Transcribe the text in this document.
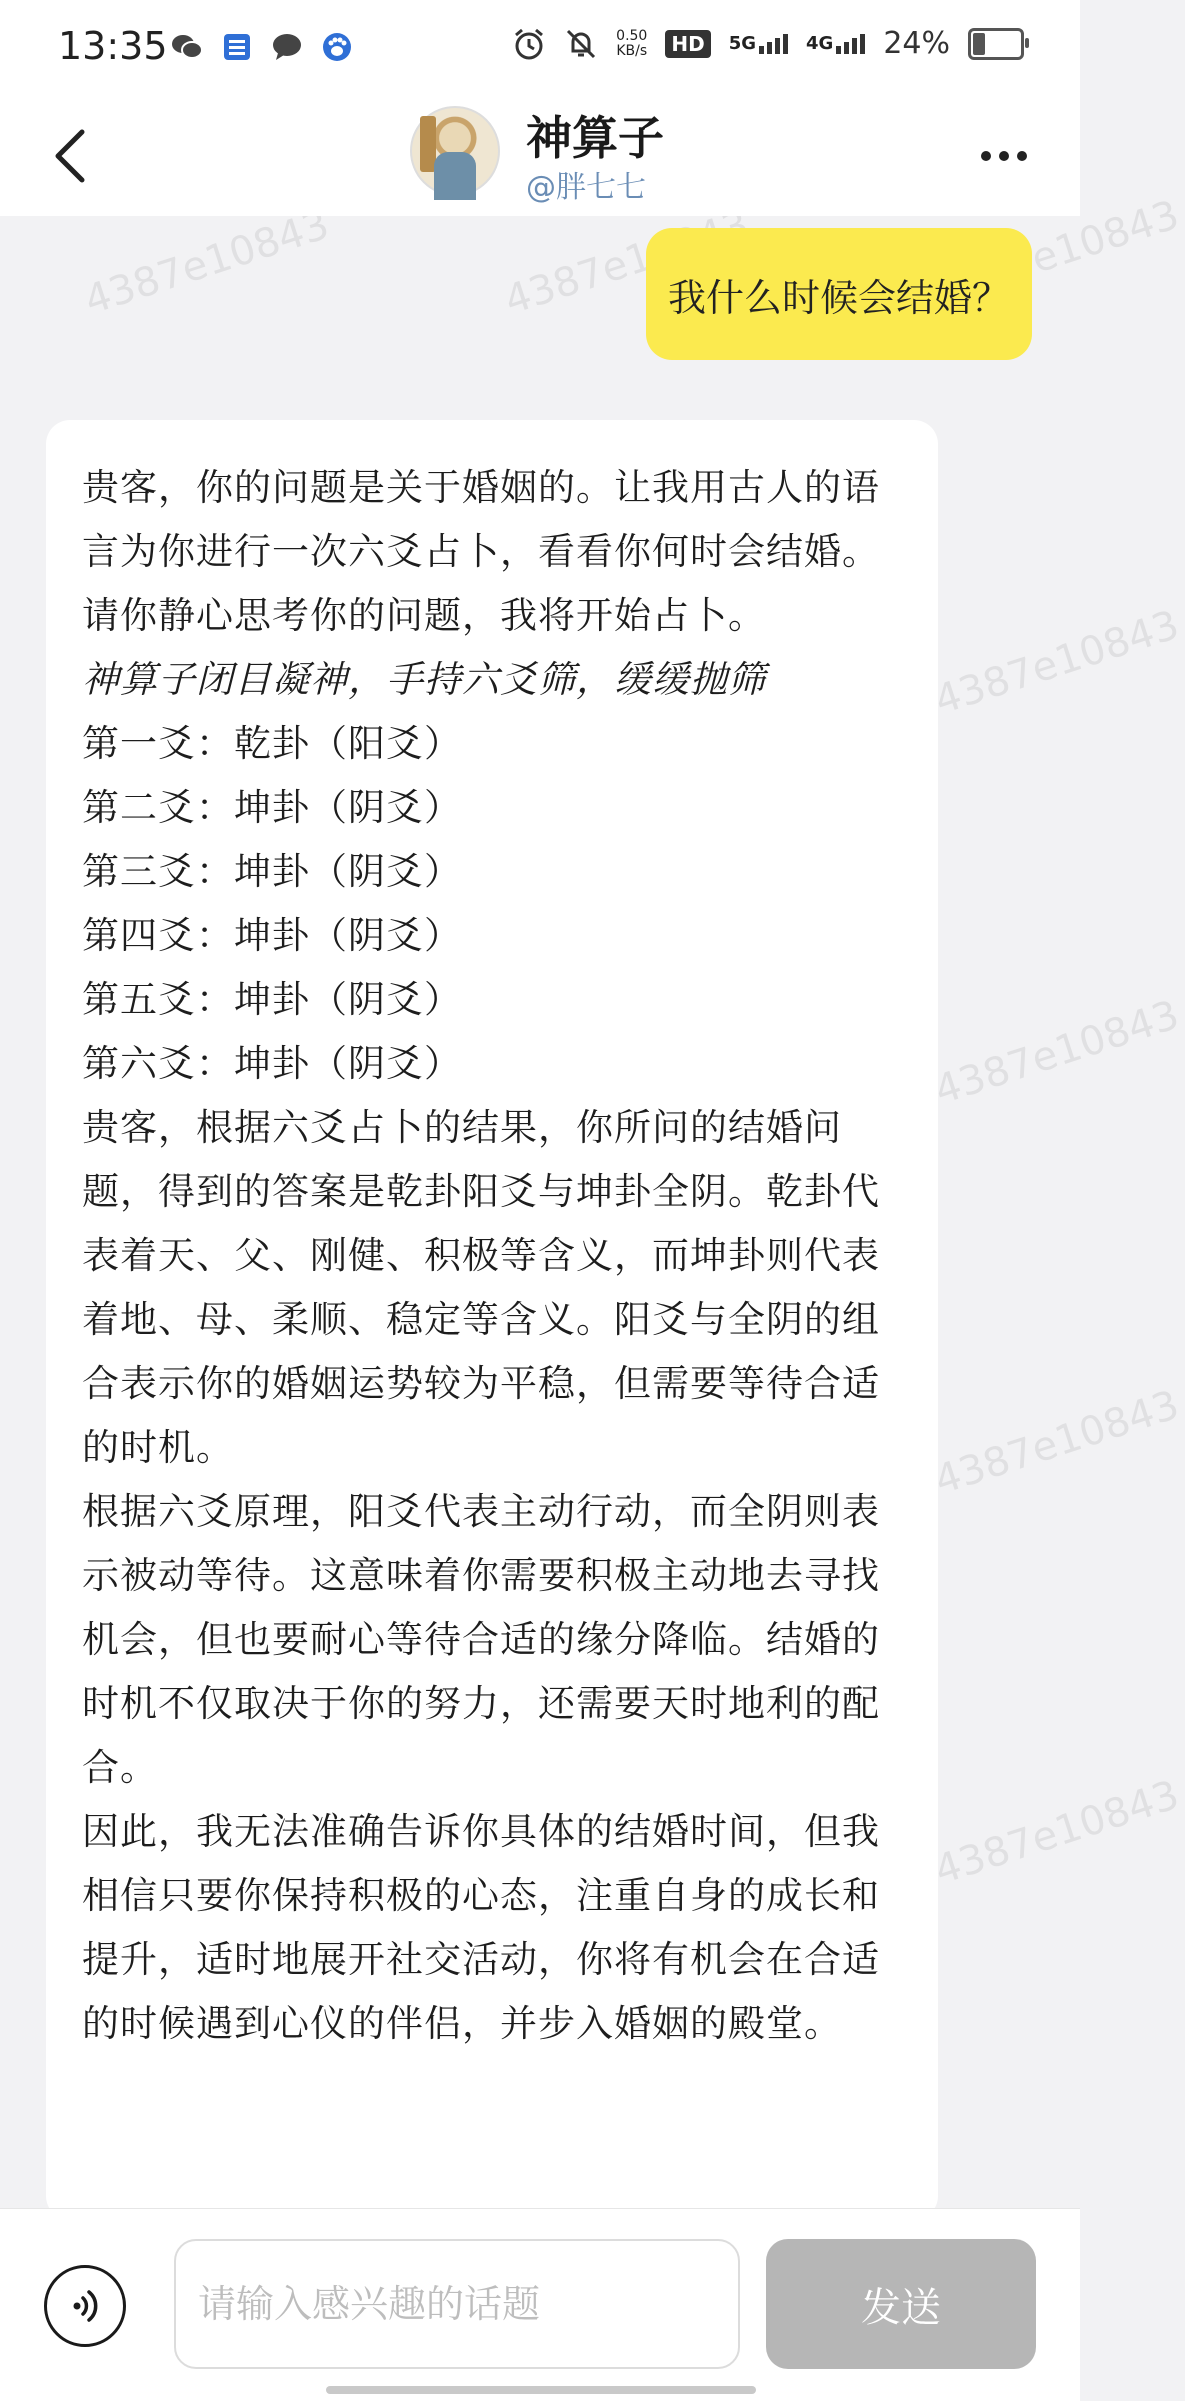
4387e10843	4387e10843	4387e10843
4387e10843
4387e10843
4387e10843
4387e10843
13:35	0.50
KB/s	HD	5G	4G 24%
神算子
@胖七七
我什么时候会结婚？

贵客，你的问题是关于婚姻的。让我用古人的语言为你进行一次六爻占卜，看看你何时会结婚。

请你静心思考你的问题，我将开始占卜。

神算子闭目凝神，手持六爻筛，缓缓抛筛

第一爻：乾卦（阳爻）

第二爻：坤卦（阴爻）

第三爻：坤卦（阴爻）

第四爻：坤卦（阴爻）

第五爻：坤卦（阴爻）

第六爻：坤卦（阴爻）

贵客，根据六爻占卜的结果，你所问的结婚问题，得到的答案是乾卦阳爻与坤卦全阴。乾卦代表着天、父、刚健、积极等含义，而坤卦则代表着地、母、柔顺、稳定等含义。阳爻与全阴的组合表示你的婚姻运势较为平稳，但需要等待合适的时机。

根据六爻原理，阳爻代表主动行动，而全阴则表示被动等待。这意味着你需要积极主动地去寻找机会，但也要耐心等待合适的缘分降临。结婚的时机不仅取决于你的努力，还需要天时地利的配合。

因此，我无法准确告诉你具体的结婚时间，但我相信只要你保持积极的心态，注重自身的成长和提升，适时地展开社交活动，你将有机会在合适的时候遇到心仪的伴侣，并步入婚姻的殿堂。

请输入感兴趣的话题
发送
